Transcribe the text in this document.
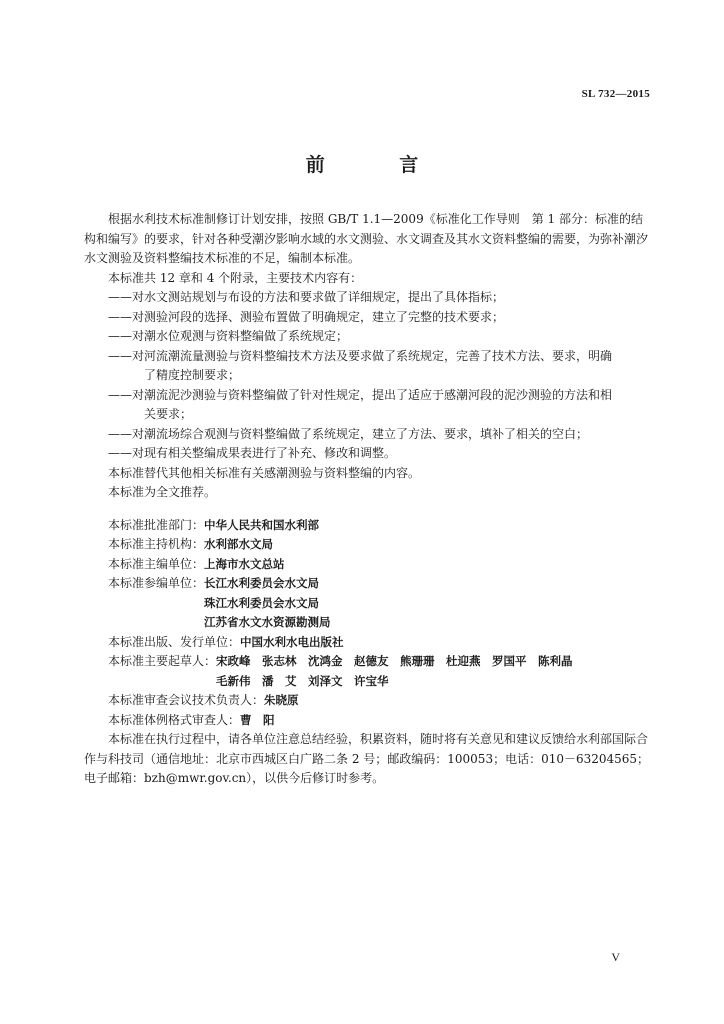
SL 732—2015
前 言

根据水利技术标准制修订计划安排，按照 GB/T 1.1—2009《标准化工作导则　第 1 部分：标准的结构和编写》的要求，针对各种受潮汐影响水域的水文测验、水文调查及其水文资料整编的需要，为弥补潮汐水文测验及资料整编技术标准的不足，编制本标准。

本标准共 12 章和 4 个附录，主要技术内容有：

——对水文测站规划与布设的方法和要求做了详细规定，提出了具体指标；
——对测验河段的选择、测验布置做了明确规定，建立了完整的技术要求；
——对潮水位观测与资料整编做了系统规定；
——对河流潮流量测验与资料整编技术方法及要求做了系统规定，完善了技术方法、要求，明确
了精度控制要求；
——对潮流泥沙测验与资料整编做了针对性规定，提出了适应于感潮河段的泥沙测验的方法和相
关要求；
——对潮流场综合观测与资料整编做了系统规定，建立了方法、要求，填补了相关的空白；
——对现有相关整编成果表进行了补充、修改和调整。

本标准替代其他相关标准有关感潮测验与资料整编的内容。

本标准为全文推荐。

本标准批准部门：中华人民共和国水利部
本标准主持机构：水利部水文局
本标准主编单位：上海市水文总站
本标准参编单位：长江水利委员会水文局
珠江水利委员会水文局
江苏省水文水资源勘测局
本标准出版、发行单位：中国水利水电出版社
本标准主要起草人：宋政峰　张志林　沈鸿金　赵德友　熊珊珊　杜迎燕　罗国平　陈利晶
毛新伟　潘　艾　刘泽文　许宝华
本标准审查会议技术负责人：朱晓原
本标准体例格式审查人：曹　阳

本标准在执行过程中，请各单位注意总结经验，积累资料，随时将有关意见和建议反馈给水利部国际合作与科技司（通信地址：北京市西城区白广路二条 2 号；邮政编码：100053；电话：010－63204565；电子邮箱：bzh@mwr.gov.cn），以供今后修订时参考。

V
